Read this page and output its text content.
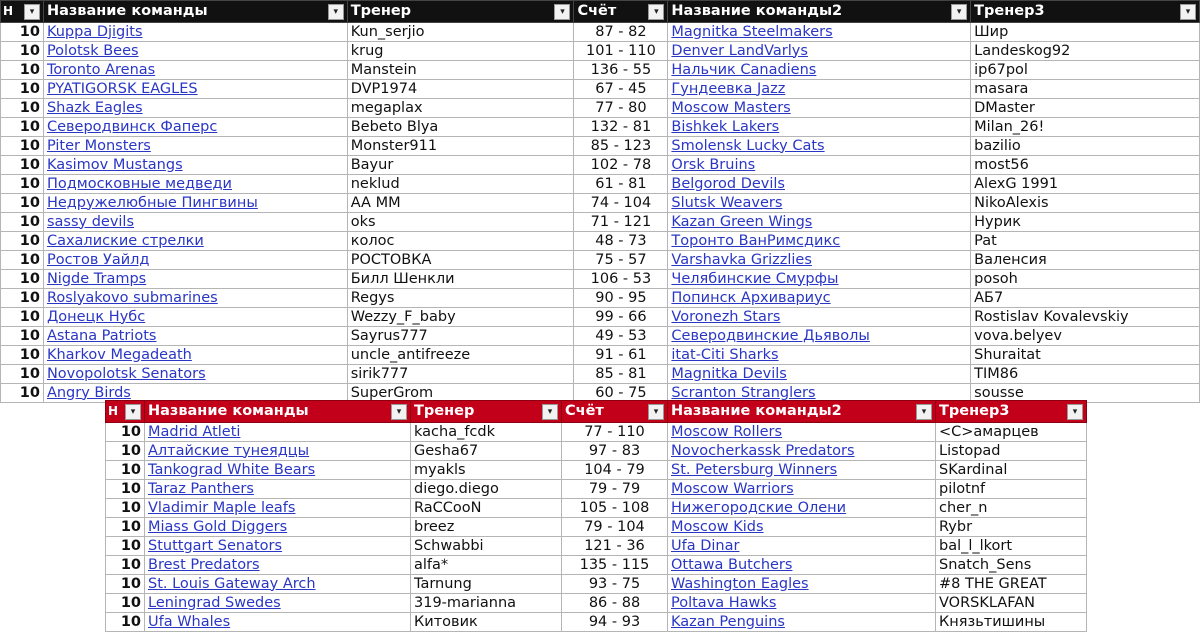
Н ▾	Название команды ▾	Тренер ▾	Счёт ▾	Название команды2 ▾	Тренер3 ▾

10	Kuppa Djigits	Kun_serjio	87 - 82	Magnitka Steelmakers	Шир
10	Polotsk Bees	krug	101 - 110	Denver LandVarlys	Landeskog92
10	Toronto Arenas	Manstein	136 - 55	Нальчик Canadiens	ip67pol
10	PYATIGORSK EAGLES	DVP1974	67 - 45	Гундеевка Jazz	masara
10	Shazk Eagles	megaplax	77 - 80	Moscow Masters	DMaster
10	Северодвинск Фаперс	Bebeto Blya	132 - 81	Bishkek Lakers	Milan_26!
10	Piter Monsters	Monster911	85 - 123	Smolensk Lucky Cats	bazilio
10	Kasimov Mustangs	Bayur	102 - 78	Orsk Bruins	most56
10	Подмосковные медведи	neklud	61 - 81	Belgorod Devils	AlexG 1991
10	Недружелюбные Пингвины	AA MM	74 - 104	Slutsk Weavers	NikoAlexis
10	sassy devils	oks	71 - 121	Kazan Green Wings	Нурик
10	Сахалиские стрелки	колос	48 - 73	Торонто ВанРимсдикс	Pat
10	Ростов Уайлд	РОСТОВКА	75 - 57	Varshavka Grizzlies	Валенсия
10	Nigde Tramps	Билл Шенкли	106 - 53	Челябинские Смурфы	posoh
10	Roslyakovo submarines	Regys	90 - 95	Попинск Архивариус	АБ7
10	Донецк Нубс	Wezzy_F_baby	99 - 66	Voronezh Stars	Rostislav Kovalevskiy
10	Astana Patriots	Sayrus777	49 - 53	Северодвинские Дьяволы	vova.belyev
10	Kharkov Megadeath	uncle_antifreeze	91 - 61	itat-Citi Sharks	Shuraitat
10	Novopolotsk Senators	sirik777	85 - 81	Magnitka Devils	TIM86
10	Angry Birds	SuperGrom	60 - 75	Scranton Stranglers	sousse
Н ▾	Название команды ▾	Тренер ▾	Счёт ▾	Название команды2 ▾	Тренер3 ▾

10	Madrid Atleti	kacha_fcdk	77 - 110	Moscow Rollers	<С>амарцев
10	Алтайские тунеядцы	Gesha67	97 - 83	Novocherkassk Predators	Listopad
10	Tankograd White Bears	myakls	104 - 79	St. Petersburg Winners	SKardinal
10	Taraz Panthers	diego.diego	79 - 79	Moscow Warriors	pilotnf
10	Vladimir Maple leafs	RaCCooN	105 - 108	Нижегородские Олени	cher_n
10	Miass Gold Diggers	breez	79 - 104	Moscow Kids	Rybr
10	Stuttgart Senators	Schwabbi	121 - 36	Ufa Dinar	bal_l_lkort
10	Brest Predators	alfa*	135 - 115	Ottawa Butchers	Snatch_Sens
10	St. Louis Gateway Arch	Tarnung	93 - 75	Washington Eagles	#8 THE GREAT
10	Leningrad Swedes	319-marianna	86 - 88	Poltava Hawks	VORSKLAFAN
10	Ufa Whales	Китовик	94 - 93	Kazan Penguins	Князьтишины
